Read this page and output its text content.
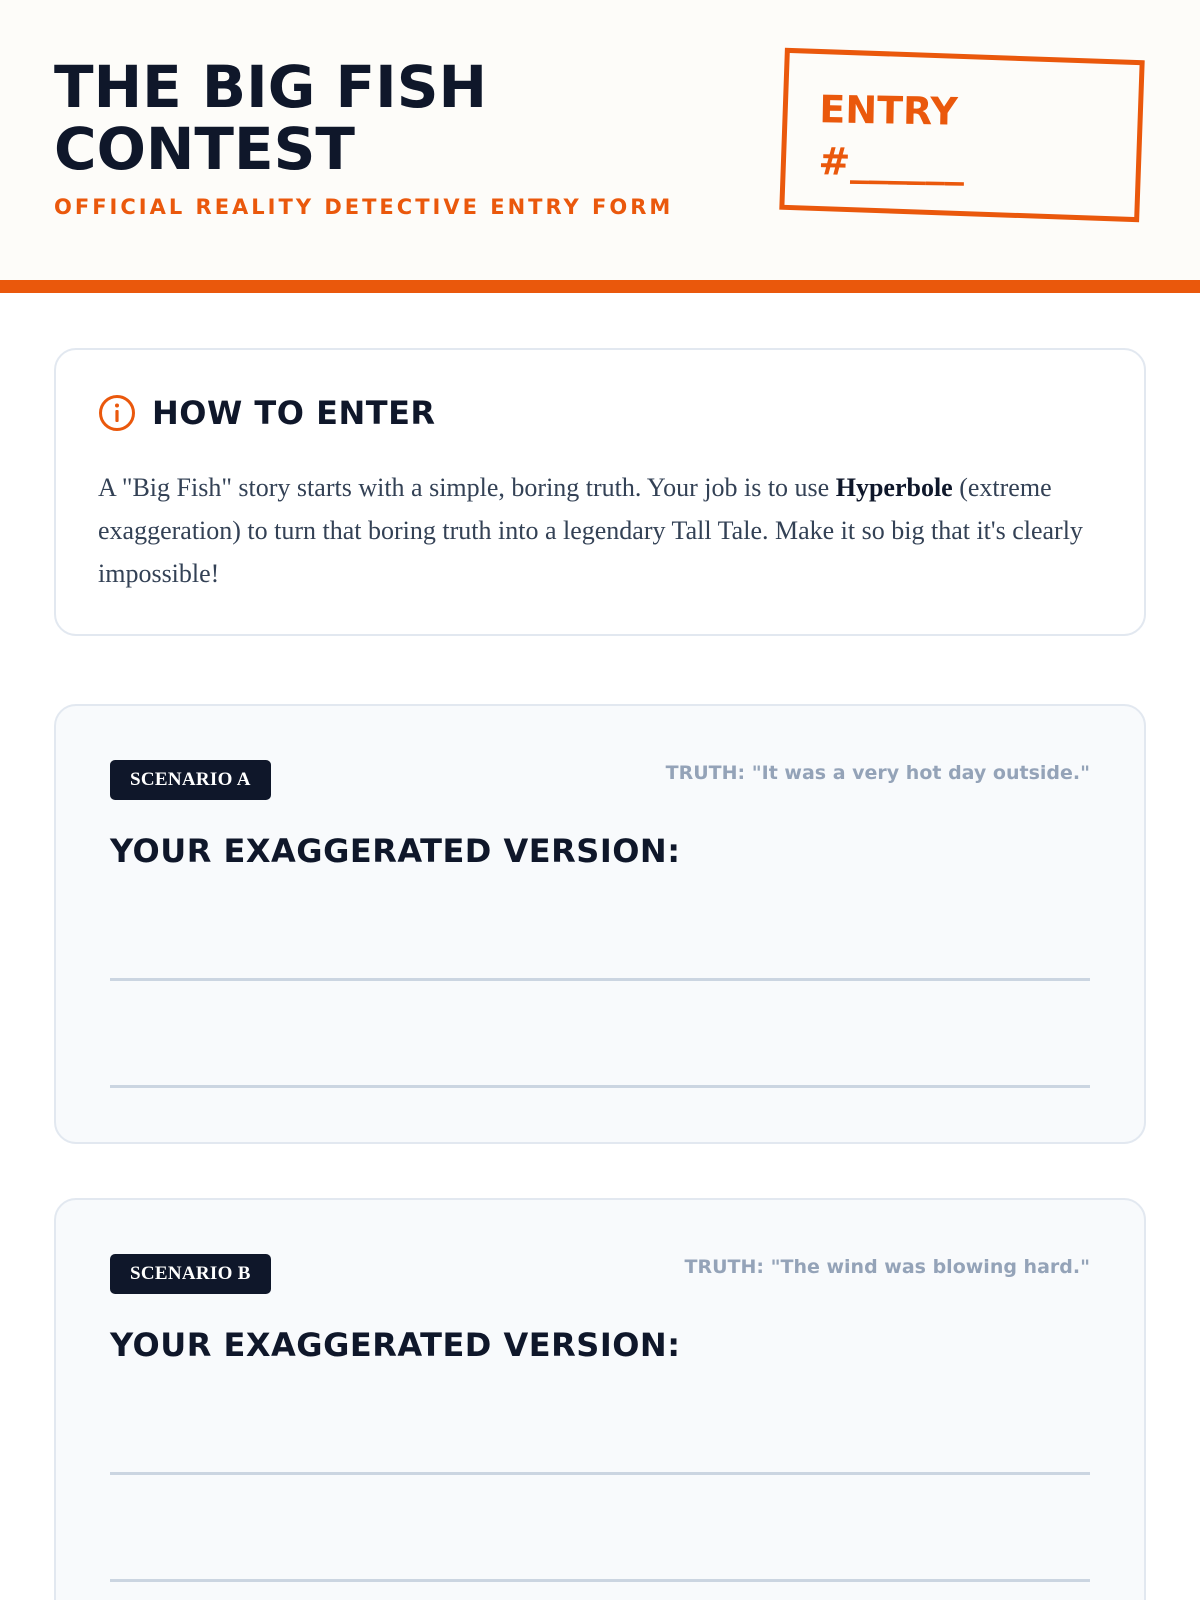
THE BIG FISH
CONTEST
OFFICIAL REALITY DETECTIVE ENTRY FORM
ENTRY
#______
HOW TO ENTER

A "Big Fish" story starts with a simple, boring truth. Your job is to use Hyperbole (extreme exaggeration) to turn that boring truth into a legendary Tall Tale. Make it so big that it's clearly impossible!

SCENARIO A	TRUTH: "It was a very hot day outside."
YOUR EXAGGERATED VERSION:
SCENARIO B	TRUTH: "The wind was blowing hard."
YOUR EXAGGERATED VERSION:
